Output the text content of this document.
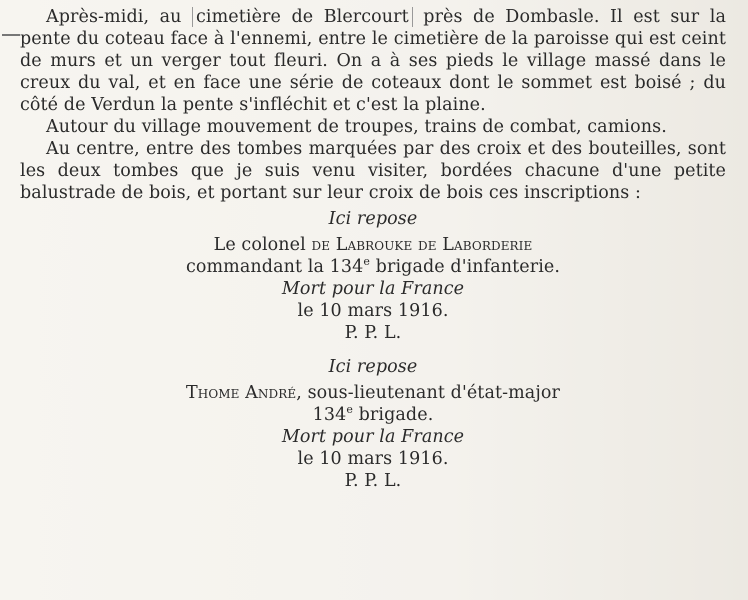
Après-midi, au cimetière de Blercourt près de Dombasle. Il est sur la pente du coteau face à l'ennemi, entre le cimetière de la paroisse qui est ceint de murs et un verger tout fleuri. On a à ses pieds le village massé dans le creux du val, et en face une série de coteaux dont le sommet est boisé ; du côté de Verdun la pente s'infléchit et c'est la plaine.

Autour du village mouvement de troupes, trains de combat, camions.

Au centre, entre des tombes marquées par des croix et des bouteilles, sont les deux tombes que je suis venu visiter, bordées chacune d'une petite balustrade de bois, et portant sur leur croix de bois ces inscriptions :

Ici repose

Le colonel de Labrouke de Laborderie

commandant la 134e brigade d'infanterie.

Mort pour la France

le 10 mars 1916.

P. P. L.

Ici repose

Thome André, sous-lieutenant d'état-major

134e brigade.

Mort pour la France

le 10 mars 1916.

P. P. L.
